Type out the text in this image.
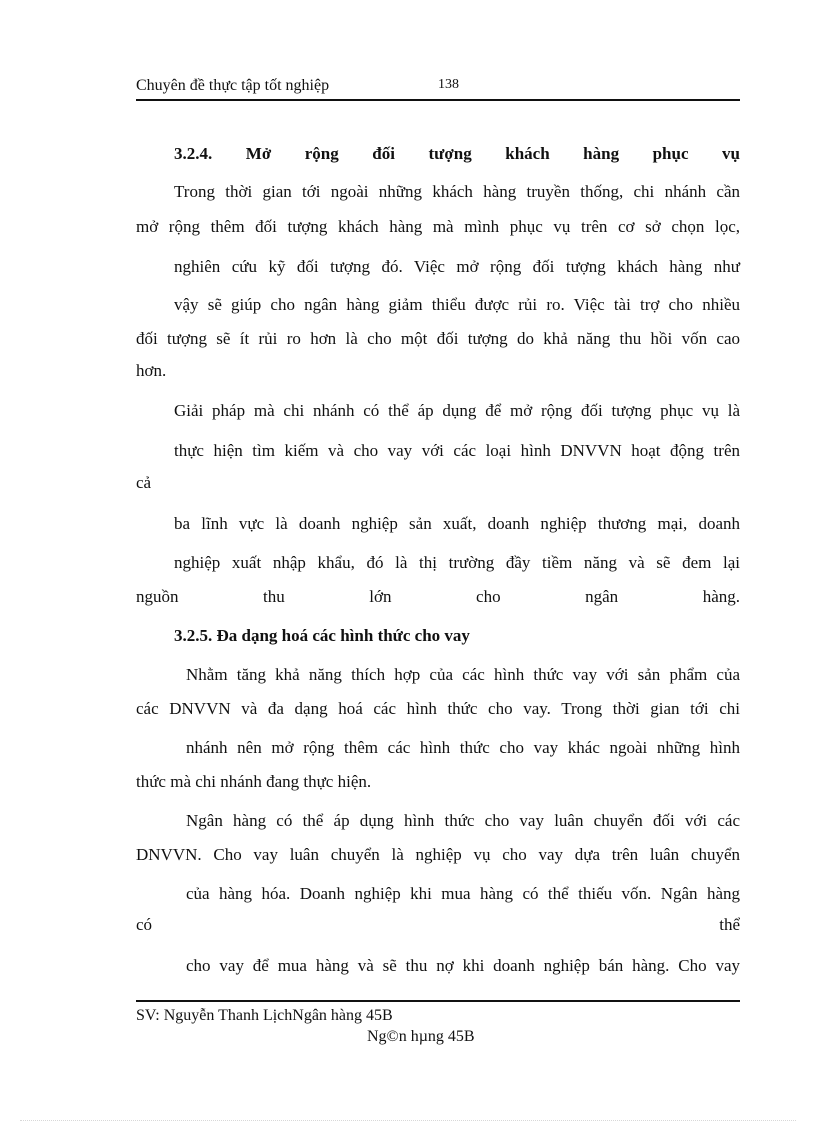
Chuyên đề thực tập tốt nghiệp	138
3.2.4. Mở rộng đối tượng khách hàng phục vụ
Trong thời gian tới ngoài những khách hàng truyền thống, chi nhánh cần
mở rộng thêm đối tượng khách hàng mà mình phục vụ trên cơ sở chọn lọc,
nghiên cứu kỹ đối tượng đó. Việc mở rộng đối tượng khách hàng như
vậy sẽ giúp cho ngân hàng giảm thiểu được rủi ro. Việc tài trợ cho nhiều
đối tượng sẽ ít rủi ro hơn là cho một đối tượng do khả năng thu hồi vốn cao
hơn.
Giải pháp mà chi nhánh có thể áp dụng để mở rộng đối tượng phục vụ là
thực hiện tìm kiếm và cho vay với các loại hình DNVVN hoạt động trên
cả
ba lĩnh vực là doanh nghiệp sản xuất, doanh nghiệp thương mại, doanh
nghiệp xuất nhập khẩu, đó là thị trường đầy tiềm năng và sẽ đem lại
nguồn thu lớn cho ngân hàng.
3.2.5. Đa dạng hoá các hình thức cho vay
Nhằm tăng khả năng thích hợp của các hình thức vay với sản phẩm của
các DNVVN và đa dạng hoá các hình thức cho vay. Trong thời gian tới chi
nhánh nên mở rộng thêm các hình thức cho vay khác ngoài những hình
thức mà chi nhánh đang thực hiện.
Ngân hàng có thể áp dụng hình thức cho vay luân chuyển đối với các
DNVVN. Cho vay luân chuyển là nghiệp vụ cho vay dựa trên luân chuyển
của hàng hóa. Doanh nghiệp khi mua hàng có thể thiếu vốn. Ngân hàng
có thể
cho vay để mua hàng và sẽ thu nợ khi doanh nghiệp bán hàng. Cho vay
SV: Nguyễn Thanh LịchNgân hàng 45B
Ng©n hµng 45B
